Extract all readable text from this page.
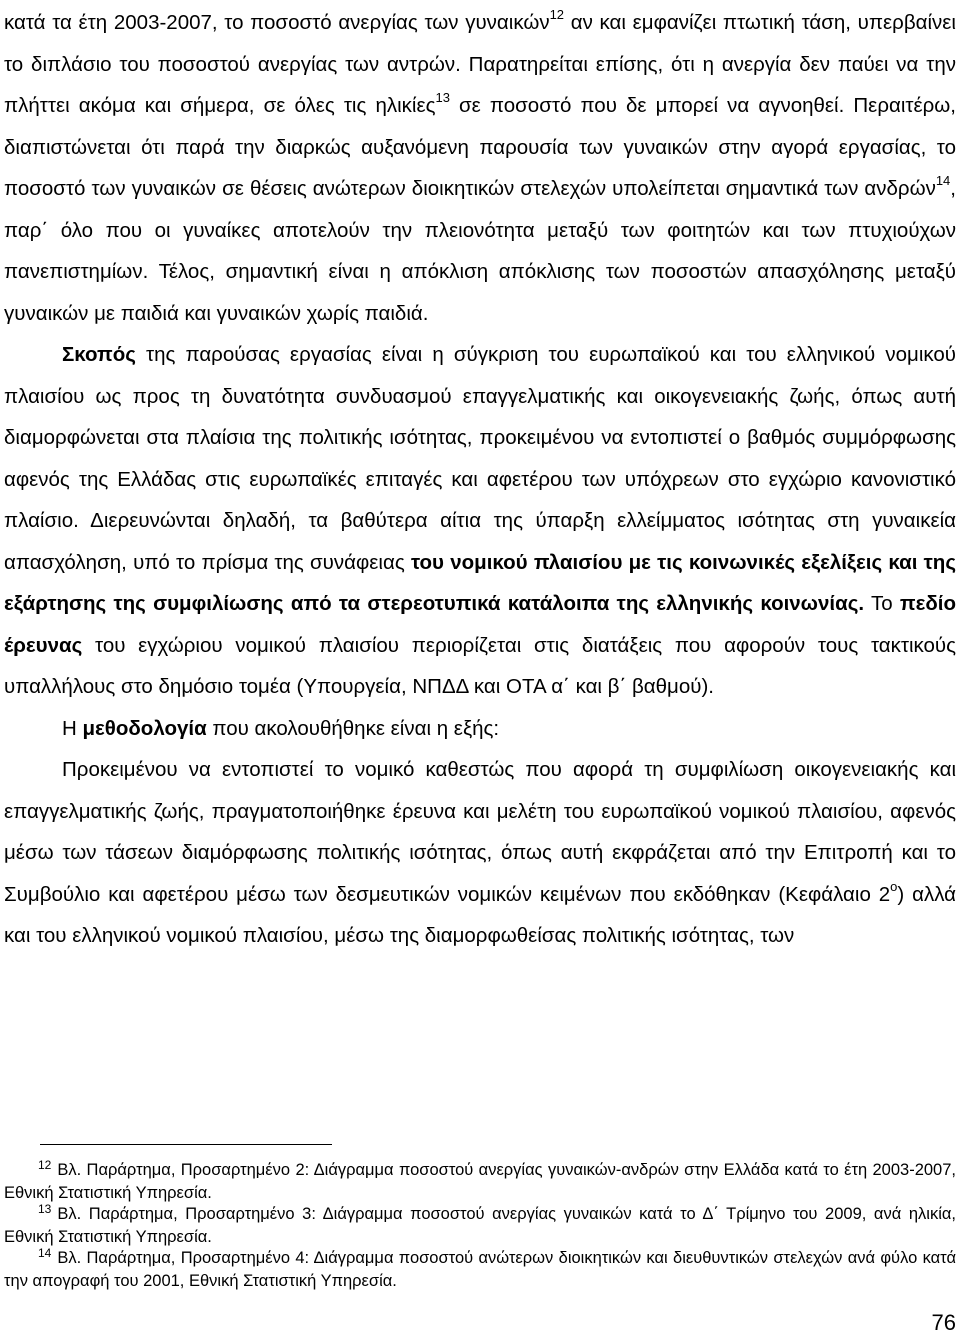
κατά τα έτη 2003-2007, το ποσοστό ανεργίας των γυναικών$^{12}$ αν και εμφανίζει πτωτική τάση, υπερβαίνει το διπλάσιο του ποσοστού ανεργίας των αντρών. Παρατηρείται επίσης, ότι η ανεργία δεν παύει να την πλήττει ακόμα και σήμερα, σε όλες τις ηλικίες$^{13}$ σε ποσοστό που δε μπορεί να αγνοηθεί. Περαιτέρω, διαπιστώνεται ότι παρά την διαρκώς αυξανόμενη παρουσία των γυναικών στην αγορά εργασίας, το ποσοστό των γυναικών σε θέσεις ανώτερων διοικητικών στελεχών υπολείπεται σημαντικά των ανδρών$^{14}$, παρ΄ όλο που οι γυναίκες αποτελούν την πλειονότητα μεταξύ των φοιτητών και των πτυχιούχων πανεπιστημίων. Τέλος, σημαντική είναι η απόκλιση απόκλισης των ποσοστών απασχόλησης μεταξύ γυναικών με παιδιά και γυναικών χωρίς παιδιά.

Σκοπός της παρούσας εργασίας είναι η σύγκριση του ευρωπαϊκού και του ελληνικού νομικού πλαισίου ως προς τη δυνατότητα συνδυασμού επαγγελματικής και οικογενειακής ζωής, όπως αυτή διαμορφώνεται στα πλαίσια της πολιτικής ισότητας, προκειμένου να εντοπιστεί ο βαθμός συμμόρφωσης αφενός της Ελλάδας στις ευρωπαϊκές επιταγές και αφετέρου των υπόχρεων στο εγχώριο κανονιστικό πλαίσιο. Διερευνώνται δηλαδή, τα βαθύτερα αίτια της ύπαρξη ελλείμματος ισότητας στη γυναικεία απασχόληση, υπό το πρίσμα της συνάφειας του νομικού πλαισίου με τις κοινωνικές εξελίξεις και της εξάρτησης της συμφιλίωσης από τα στερεοτυπικά κατάλοιπα της ελληνικής κοινωνίας. Το πεδίο έρευνας του εγχώριου νομικού πλαισίου περιορίζεται στις διατάξεις που αφορούν τους τακτικούς υπαλλήλους στο δημόσιο τομέα (Υπουργεία, ΝΠΔΔ και ΟΤΑ α΄ και β΄ βαθμού).

Η μεθοδολογία που ακολουθήθηκε είναι η εξής:

Προκειμένου να εντοπιστεί το νομικό καθεστώς που αφορά τη συμφιλίωση οικογενειακής και επαγγελματικής ζωής, πραγματοποιήθηκε έρευνα και μελέτη του ευρωπαϊκού νομικού πλαισίου, αφενός μέσω των τάσεων διαμόρφωσης πολιτικής ισότητας, όπως αυτή εκφράζεται από την Επιτροπή και το Συμβούλιο και αφετέρου μέσω των δεσμευτικών νομικών κειμένων που εκδόθηκαν (Κεφάλαιο $2^o$) αλλά και του ελληνικού νομικού πλαισίου, μέσω της διαμορφωθείσας πολιτικής ισότητας, των

$^{12}$ Βλ. Παράρτημα, Προσαρτημένο 2: Διάγραμμα ποσοστού ανεργίας γυναικών-ανδρών στην Ελλάδα κατά το έτη 2003-2007, Εθνική Στατιστική Υπηρεσία.

$^{13}$ Βλ. Παράρτημα, Προσαρτημένο 3: Διάγραμμα ποσοστού ανεργίας γυναικών κατά το Δ΄ Τρίμηνο του 2009, ανά ηλικία, Εθνική Στατιστική Υπηρεσία.

$^{14}$ Βλ. Παράρτημα, Προσαρτημένο 4: Διάγραμμα ποσοστού ανώτερων διοικητικών και διευθυντικών στελεχών ανά φύλο κατά την απογραφή του 2001, Εθνική Στατιστική Υπηρεσία.

76
